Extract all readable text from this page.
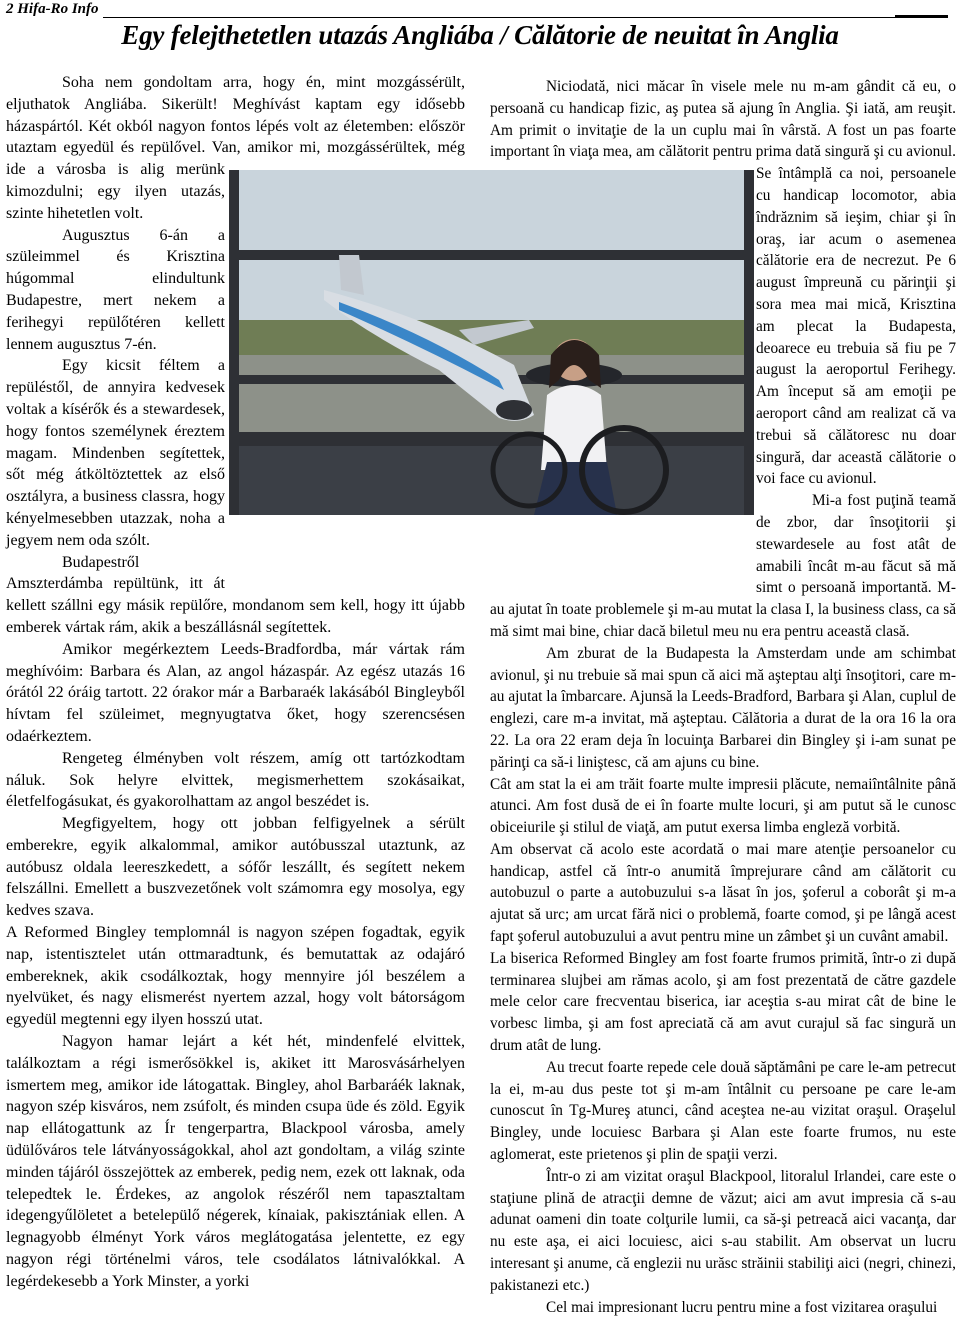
2 Hifa-Ro Info
Egy felejthetetlen utazás Angliába / Călătorie de neuitat în Anglia

Soha nem gondoltam arra, hogy én, mint mozgássérült, eljuthatok Angliába. Sikerült! Meghívást kaptam egy idősebb házaspártól. Két okból nagyon fontos lépés volt az életemben: először utaztam egyedül és repülővel. Van, amikor mi, mozgássérültek, még ide a városba is alig merünk kimozdulni; egy ilyen utazás, szinte hihetetlen volt.

Augusztus 6-án a szüleimmel és Krisztina húgommal elindultunk Budapestre, mert nekem a ferihegyi repülőtéren kellett lennem augusztus 7-én.

Egy kicsit féltem a repüléstől, de annyira kedvesek voltak a kísérők és a stewardesek, hogy fontos személynek éreztem magam. Mindenben segítettek, sőt még átköltöztettek az első osztályra, a business classra, hogy kényelmesebben utazzak, noha a jegyem nem oda szólt.

Budapestről Amszterdámba repültünk, itt át kellett szállni egy másik repülőre, mondanom sem kell, hogy itt újabb emberek vártak rám, akik a beszállásnál segítettek.

Amikor megérkeztem Leeds-Bradfordba, már vártak rám meghívóim: Barbara és Alan, az angol házaspár. Az egész utazás 16 órától 22 óráig tartott. 22 órakor már a Barbaraék lakásából Bingleyből hívtam fel szüleimet, megnyugtatva őket, hogy szerencsésen odaérkeztem.

Rengeteg élményben volt részem, amíg ott tartózkodtam náluk. Sok helyre elvittek, megismerhettem szokásaikat, életfelfogásukat, és gyakorolhattam az angol beszédet is.

Megfigyeltem, hogy ott jobban felfigyelnek a sérült emberekre, egyik alkalommal, amikor autóbusszal utaztunk, az autóbusz oldala leereszkedett, a sófőr leszállt, és segített nekem felszállni. Emellett a buszvezetőnek volt számomra egy mosolya, egy kedves szava.

A Reformed Bingley templomnál is nagyon szépen fogadtak, egyik nap, istentisztelet után ottmaradtunk, és bemutattak az odajáró embereknek, akik csodálkoztak, hogy mennyire jól beszélem a nyelvüket, és nagy elismerést nyertem azzal, hogy volt bátorságom egyedül megtenni egy ilyen hosszú utat.

Nagyon hamar lejárt a két hét, mindenfelé elvittek, találkoztam a régi ismerősökkel is, akiket itt Marosvásárhelyen ismertem meg, amikor ide látogattak. Bingley, ahol Barbaráék laknak, nagyon szép kisváros, nem zsúfolt, és minden csupa üde és zöld. Egyik nap ellátogattunk az Ír tengerpartra, Blackpool városba, amely üdülőváros tele látványosságokkal, ahol azt gondoltam, a világ szinte minden tájáról összejöttek az emberek, pedig nem, ezek ott laknak, oda telepedtek le. Érdekes, az angolok részéről nem tapasztaltam idegengyűlöletet a betelepülő négerek, kínaiak, pakisztániak ellen. A legnagyobb élményt York város meglátogatása jelentette, ez egy nagyon régi történelmi város, tele csodálatos látnivalókkal. A legérdekesebb a York Minster, a yorki

Niciodată, nici măcar în visele mele nu m-am gândit că eu, o persoană cu handicap fizic, aş putea să ajung în Anglia. Şi iată, am reuşit. Am primit o invitaţie de la un cuplu mai în vârstă. A fost un pas foarte important în viaţa mea, am călătorit pentru prima dată singură şi cu avionul. Se întâmplă ca noi, persoanele cu handicap locomotor, abia îndrăznim să ieşim, chiar şi în oraş, iar acum o asemenea călătorie era de necrezut. Pe 6 august împreună cu părinţii şi sora mea mai mică, Krisztina am plecat la Budapesta, deoarece eu trebuia să fiu pe 7 august la aeroportul Ferihegy. Am început să am emoţii pe aeroport când am realizat că va trebui să călătoresc nu doar singură, dar această călătorie o voi face cu avionul.

Mi-a fost puţină teamă de zbor, dar însoţitorii şi stewardesele au fost atât de amabili încât m-au făcut să mă simt o persoană importantă. M-au ajutat în toate problemele şi m-au mutat la clasa I, la business class, ca să mă simt mai bine, chiar dacă biletul meu nu era pentru această clasă.

Am zburat de la Budapesta la Amsterdam unde am schimbat avionul, şi nu trebuie să mai spun că aici mă aşteptau alţi însoţitori, care m-au ajutat la îmbarcare. Ajunsă la Leeds-Bradford, Barbara şi Alan, cuplul de englezi, care m-a invitat, mă aşteptau. Călătoria a durat de la ora 16 la ora 22. La ora 22 eram deja în locuinţa Barbarei din Bingley şi i-am sunat pe părinţi ca să-i liniştesc, că am ajuns cu bine.

Cât am stat la ei am trăit foarte multe impresii plăcute, nemaiîntâlnite până atunci. Am fost dusă de ei în foarte multe locuri, şi am putut să le cunosc obiceiurile şi stilul de viaţă, am putut exersa limba engleză vorbită.

Am observat că acolo este acordată o mai mare atenţie persoanelor cu handicap, astfel că într-o anumită împrejurare când am călătorit cu autobuzul o parte a autobuzului s-a lăsat în jos, şoferul a coborât şi m-a ajutat să urc; am urcat fără nici o problemă, foarte comod, şi pe lângă acest fapt şoferul autobuzului a avut pentru mine un zâmbet şi un cuvânt amabil.

La biserica Reformed Bingley am fost foarte frumos primită, într-o zi după terminarea slujbei am rămas acolo, şi am fost prezentată de către gazdele mele celor care frecventau biserica, iar aceştia s-au mirat cât de bine le vorbesc limba, şi am fost apreciată că am avut curajul să fac singură un drum atât de lung.

Au trecut foarte repede cele două săptămâni pe care le-am petrecut la ei, m-au dus peste tot şi m-am întâlnit cu persoane pe care le-am cunoscut în Tg-Mureş atunci, când aceştea ne-au vizitat oraşul. Oraşelul Bingley, unde locuiesc Barbara şi Alan este foarte frumos, nu este aglomerat, este prietenos şi plin de spaţii verzi.

Într-o zi am vizitat oraşul Blackpool, litoralul Irlandei, care este o staţiune plină de atracţii demne de văzut; aici am avut impresia că s-au adunat oameni din toate colţurile lumii, ca să-şi petreacă aici vacanţa, dar nu este aşa, ei aici locuiesc, aici s-au stabilit. Am observat un lucru interesant şi anume, că englezii nu urăsc străinii stabiliţi aici (negri, chinezi, pakistanezi etc.)

Cel mai impresionant lucru pentru mine a fost vizitarea oraşului
